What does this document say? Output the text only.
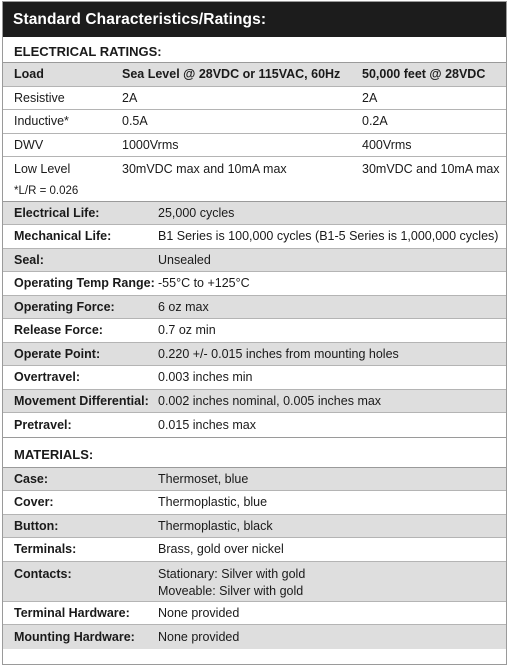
Standard Characteristics/Ratings:
ELECTRICAL RATINGS:
Load	Sea Level @ 28VDC or 115VAC, 60Hz	50,000 feet @ 28VDC
Resistive	2A	2A
Inductive*	0.5A	0.2A
DWV	1000Vrms	400Vrms
Low Level	30mVDC max and 10mA max	30mVDC and 10mA max
*L/R = 0.026
Electrical Life:	25,000 cycles
Mechanical Life:	B1 Series is 100,000 cycles (B1-5 Series is 1,000,000 cycles)
Seal:	Unsealed
Operating Temp Range: -55°C to +125°C
Operating Force:	6 oz max
Release Force:	0.7 oz min
Operate Point:	0.220 +/- 0.015 inches from mounting holes
Overtravel:	0.003 inches min
Movement Differential: 0.002 inches nominal, 0.005 inches max
Pretravel:	0.015 inches max
MATERIALS:
Case:	Thermoset, blue
Cover:	Thermoplastic, blue
Button:	Thermoplastic, black
Terminals:	Brass, gold over nickel
Contacts:	Stationary: Silver with gold
Moveable: Silver with gold
Terminal Hardware:	None provided
Mounting Hardware:	None provided
